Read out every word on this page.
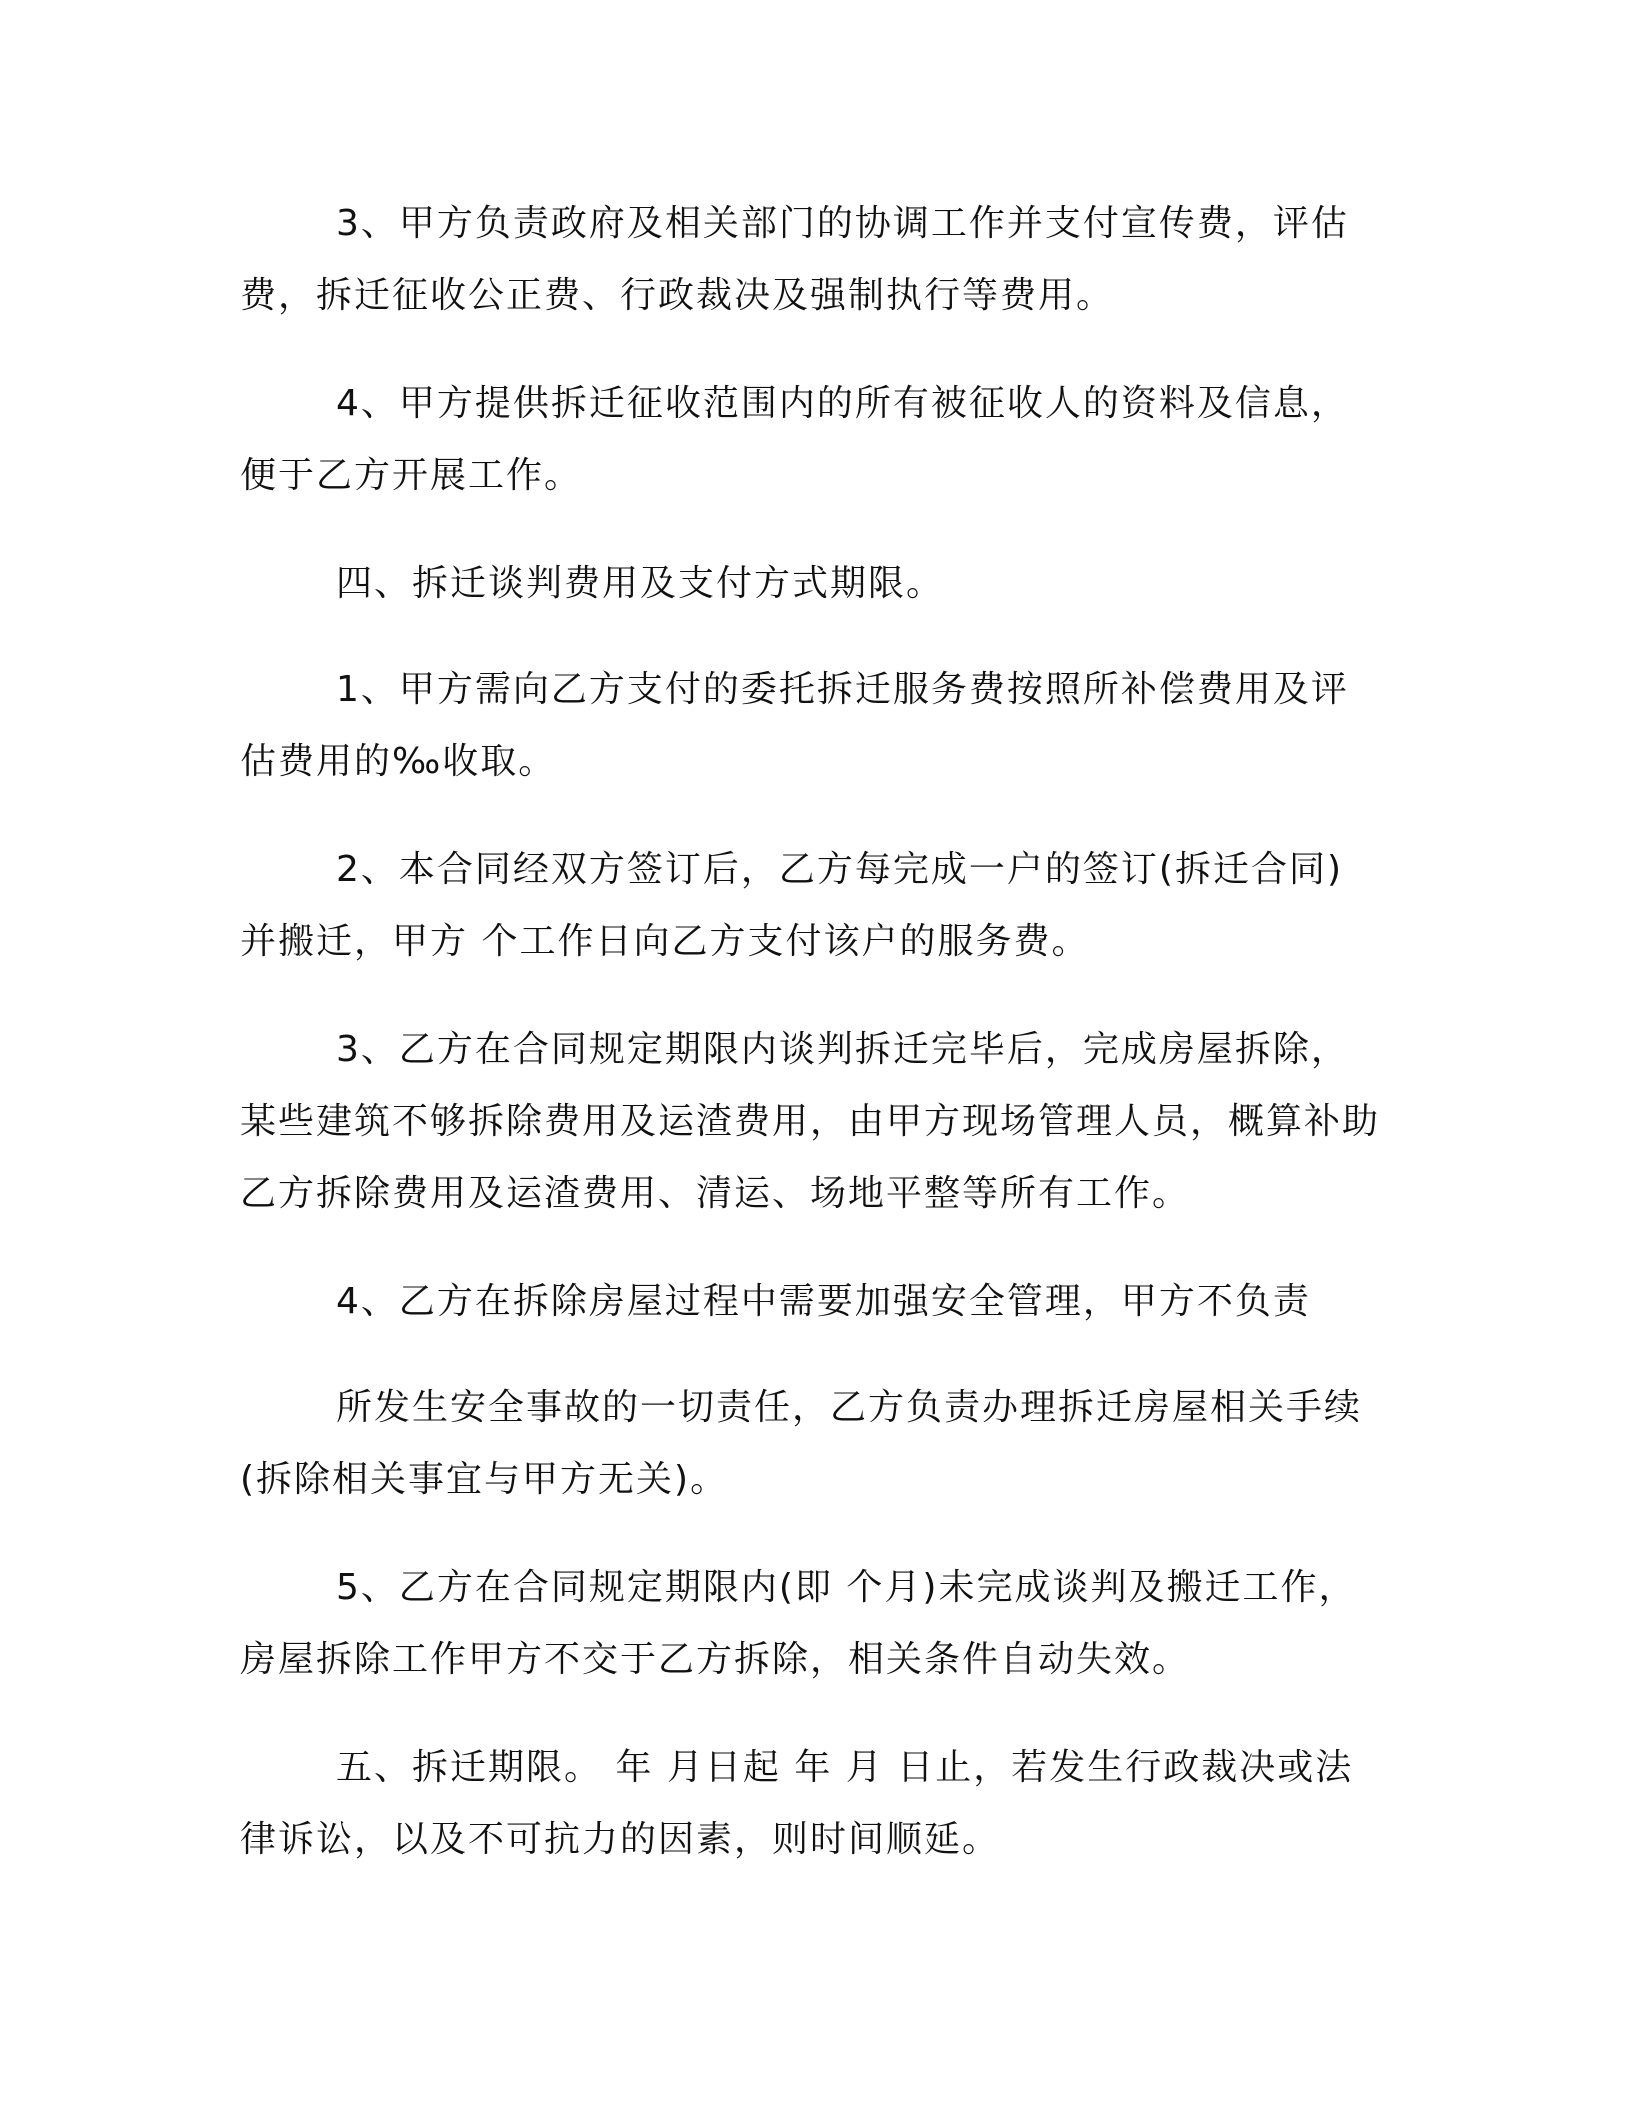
3、甲方负责政府及相关部门的协调工作并支付宣传费，评估费，拆迁征收公正费、行政裁决及强制执行等费用。

4、甲方提供拆迁征收范围内的所有被征收人的资料及信息，便于乙方开展工作。

四、拆迁谈判费用及支付方式期限。

1、甲方需向乙方支付的委托拆迁服务费按照所补偿费用及评估费用的‰收取。

2、本合同经双方签订后，乙方每完成一户的签订(拆迁合同)并搬迁，甲方 个工作日向乙方支付该户的服务费。

3、乙方在合同规定期限内谈判拆迁完毕后，完成房屋拆除，某些建筑不够拆除费用及运渣费用，由甲方现场管理人员，概算补助乙方拆除费用及运渣费用、清运、场地平整等所有工作。

4、乙方在拆除房屋过程中需要加强安全管理，甲方不负责

所发生安全事故的一切责任，乙方负责办理拆迁房屋相关手续(拆除相关事宜与甲方无关)。

5、乙方在合同规定期限内(即 个月)未完成谈判及搬迁工作，房屋拆除工作甲方不交于乙方拆除，相关条件自动失效。

五、拆迁期限。 年 月日起 年 月 日止，若发生行政裁决或法律诉讼，以及不可抗力的因素，则时间顺延。
